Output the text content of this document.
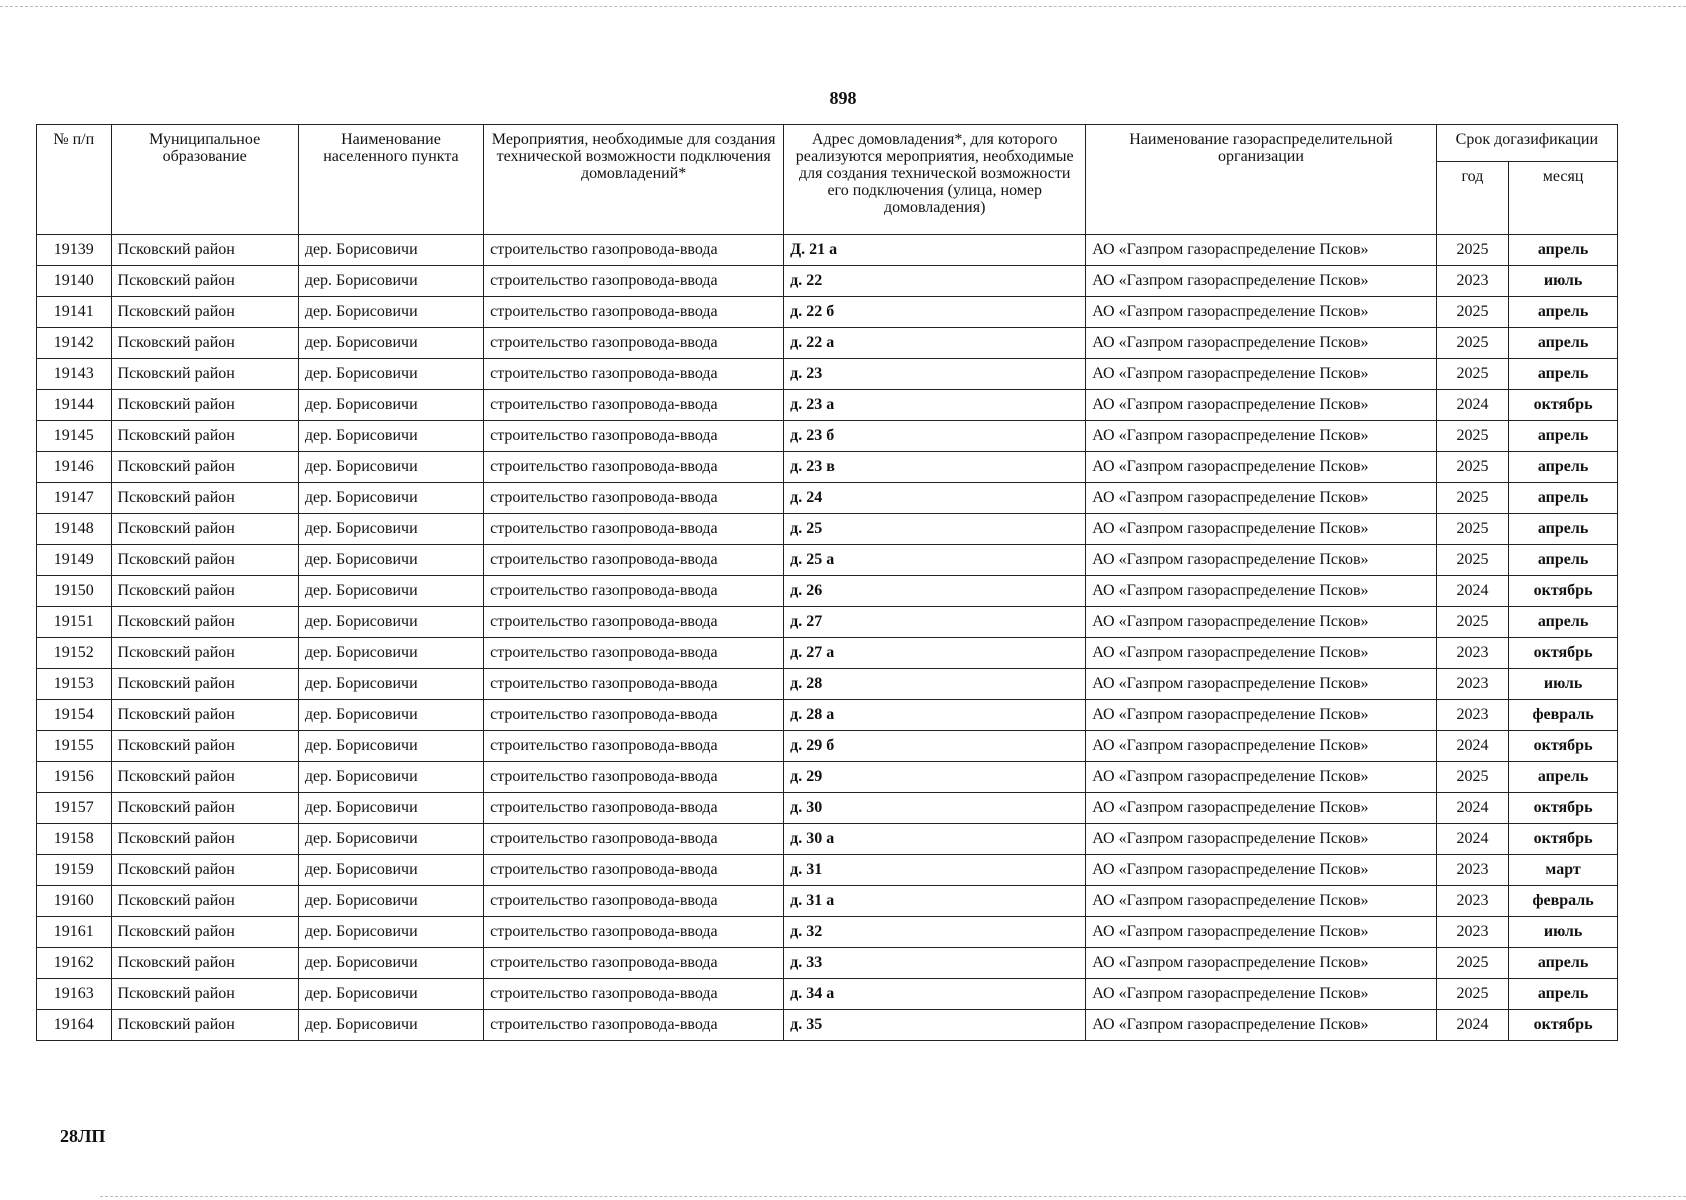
898
№ п/п	Муниципальное образование	Наименование населенного пункта	Мероприятия, необходимые для создания технической возможности подключения домовладений*	Адрес домовладения*, для которого реализуются мероприятия, необходимые для создания технической возможности его подключения (улица, номер домовладения)	Наименование газораспределительной организации	Срок догазификации	
						год	месяц
19139	Псковский район	дер. Борисовичи	строительство газопровода-ввода	Д. 21 а	АО «Газпром газораспределение Псков»	2025	апрель
19140	Псковский район	дер. Борисовичи	строительство газопровода-ввода	д. 22	АО «Газпром газораспределение Псков»	2023	июль
19141	Псковский район	дер. Борисовичи	строительство газопровода-ввода	д. 22 б	АО «Газпром газораспределение Псков»	2025	апрель
19142	Псковский район	дер. Борисовичи	строительство газопровода-ввода	д. 22 а	АО «Газпром газораспределение Псков»	2025	апрель
19143	Псковский район	дер. Борисовичи	строительство газопровода-ввода	д. 23	АО «Газпром газораспределение Псков»	2025	апрель
19144	Псковский район	дер. Борисовичи	строительство газопровода-ввода	д. 23 а	АО «Газпром газораспределение Псков»	2024	октябрь
19145	Псковский район	дер. Борисовичи	строительство газопровода-ввода	д. 23 б	АО «Газпром газораспределение Псков»	2025	апрель
19146	Псковский район	дер. Борисовичи	строительство газопровода-ввода	д. 23 в	АО «Газпром газораспределение Псков»	2025	апрель
19147	Псковский район	дер. Борисовичи	строительство газопровода-ввода	д. 24	АО «Газпром газораспределение Псков»	2025	апрель
19148	Псковский район	дер. Борисовичи	строительство газопровода-ввода	д. 25	АО «Газпром газораспределение Псков»	2025	апрель
19149	Псковский район	дер. Борисовичи	строительство газопровода-ввода	д. 25 а	АО «Газпром газораспределение Псков»	2025	апрель
19150	Псковский район	дер. Борисовичи	строительство газопровода-ввода	д. 26	АО «Газпром газораспределение Псков»	2024	октябрь
19151	Псковский район	дер. Борисовичи	строительство газопровода-ввода	д. 27	АО «Газпром газораспределение Псков»	2025	апрель
19152	Псковский район	дер. Борисовичи	строительство газопровода-ввода	д. 27 а	АО «Газпром газораспределение Псков»	2023	октябрь
19153	Псковский район	дер. Борисовичи	строительство газопровода-ввода	д. 28	АО «Газпром газораспределение Псков»	2023	июль
19154	Псковский район	дер. Борисовичи	строительство газопровода-ввода	д. 28 а	АО «Газпром газораспределение Псков»	2023	февраль
19155	Псковский район	дер. Борисовичи	строительство газопровода-ввода	д. 29 б	АО «Газпром газораспределение Псков»	2024	октябрь
19156	Псковский район	дер. Борисовичи	строительство газопровода-ввода	д. 29	АО «Газпром газораспределение Псков»	2025	апрель
19157	Псковский район	дер. Борисовичи	строительство газопровода-ввода	д. 30	АО «Газпром газораспределение Псков»	2024	октябрь
19158	Псковский район	дер. Борисовичи	строительство газопровода-ввода	д. 30 а	АО «Газпром газораспределение Псков»	2024	октябрь
19159	Псковский район	дер. Борисовичи	строительство газопровода-ввода	д. 31	АО «Газпром газораспределение Псков»	2023	март
19160	Псковский район	дер. Борисовичи	строительство газопровода-ввода	д. 31 а	АО «Газпром газораспределение Псков»	2023	февраль
19161	Псковский район	дер. Борисовичи	строительство газопровода-ввода	д. 32	АО «Газпром газораспределение Псков»	2023	июль
19162	Псковский район	дер. Борисовичи	строительство газопровода-ввода	д. 33	АО «Газпром газораспределение Псков»	2025	апрель
19163	Псковский район	дер. Борисовичи	строительство газопровода-ввода	д. 34 а	АО «Газпром газораспределение Псков»	2025	апрель
19164	Псковский район	дер. Борисовичи	строительство газопровода-ввода	д. 35	АО «Газпром газораспределение Псков»	2024	октябрь
28ЛП
